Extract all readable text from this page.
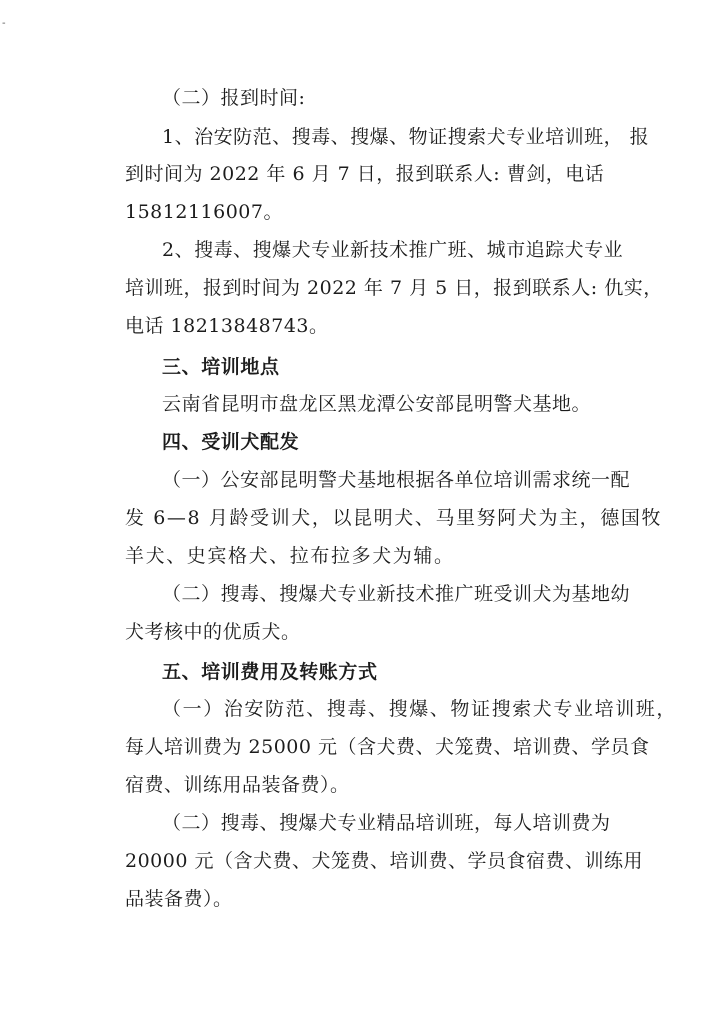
-
（二）报到时间:
1、治安防范、搜毒、搜爆、物证搜索犬专业培训班， 报
到时间为 2022 年 6 月 7 日，报到联系人: 曹剑，电话
15812116007。
2、搜毒、搜爆犬专业新技术推广班、城市追踪犬专业
培训班，报到时间为 2022 年 7 月 5 日，报到联系人: 仇实，
电话 18213848743。
三、培训地点
云南省昆明市盘龙区黑龙潭公安部昆明警犬基地。
四、受训犬配发
（一）公安部昆明警犬基地根据各单位培训需求统一配
发 6—8 月龄受训犬，以昆明犬、马里努阿犬为主，德国牧
羊犬、史宾格犬、拉布拉多犬为辅。
（二）搜毒、搜爆犬专业新技术推广班受训犬为基地幼
犬考核中的优质犬。
五、培训费用及转账方式
（一）治安防范、搜毒、搜爆、物证搜索犬专业培训班，
每人培训费为 25000 元（含犬费、犬笼费、培训费、学员食
宿费、训练用品装备费）。
（二）搜毒、搜爆犬专业精品培训班，每人培训费为
20000 元（含犬费、犬笼费、培训费、学员食宿费、训练用
品装备费）。
